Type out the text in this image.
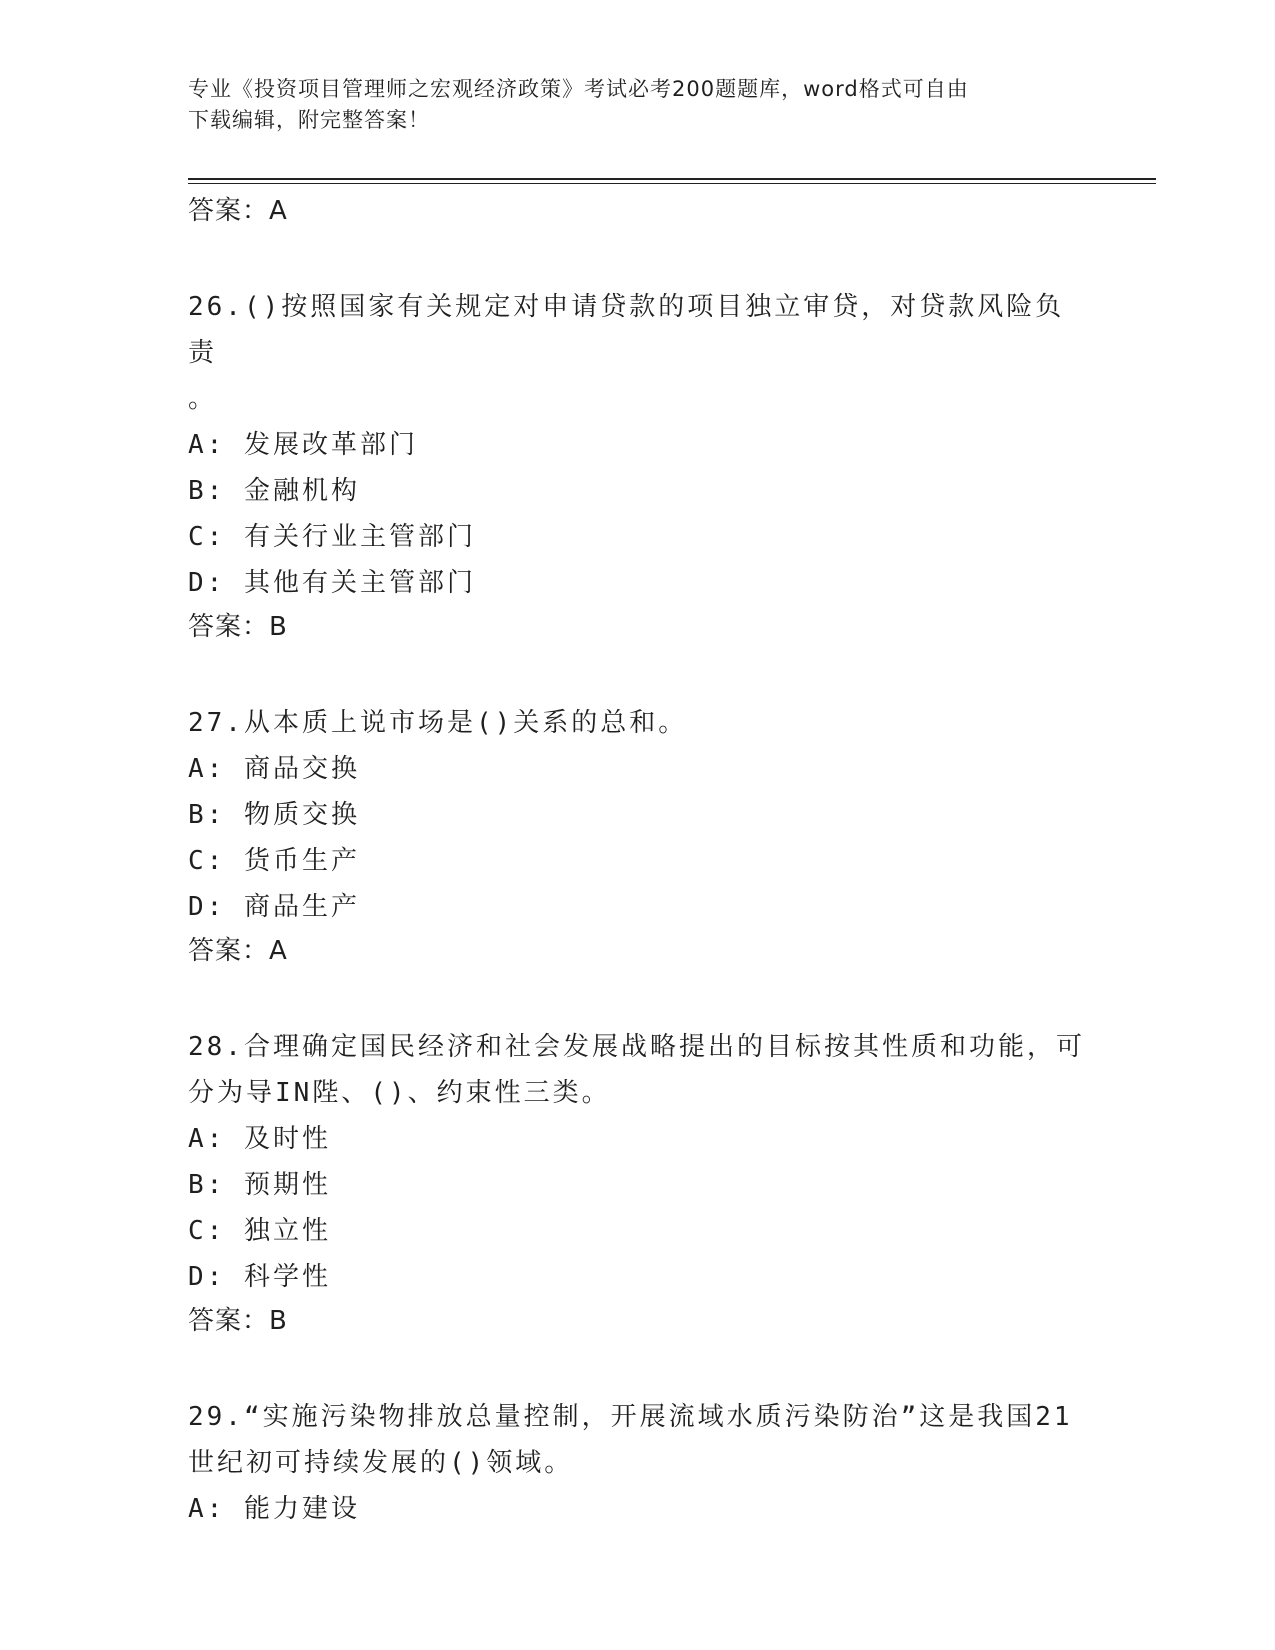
专业《投资项目管理师之宏观经济政策》考试必考200题题库，word格式可自由
下载编辑，附完整答案！
答案：A
26.()按照国家有关规定对申请贷款的项目独立审贷，对贷款风险负责
。
A: 发展改革部门
B: 金融机构
C: 有关行业主管部门
D: 其他有关主管部门
答案：B
27.从本质上说市场是()关系的总和。
A: 商品交换
B: 物质交换
C: 货币生产
D: 商品生产
答案：A
28.合理确定国民经济和社会发展战略提出的目标按其性质和功能，可
分为导IN陛、()、约束性三类。
A: 及时性
B: 预期性
C: 独立性
D: 科学性
答案：B
29.“实施污染物排放总量控制，开展流域水质污染防治”这是我国21
世纪初可持续发展的()领域。
A: 能力建设
